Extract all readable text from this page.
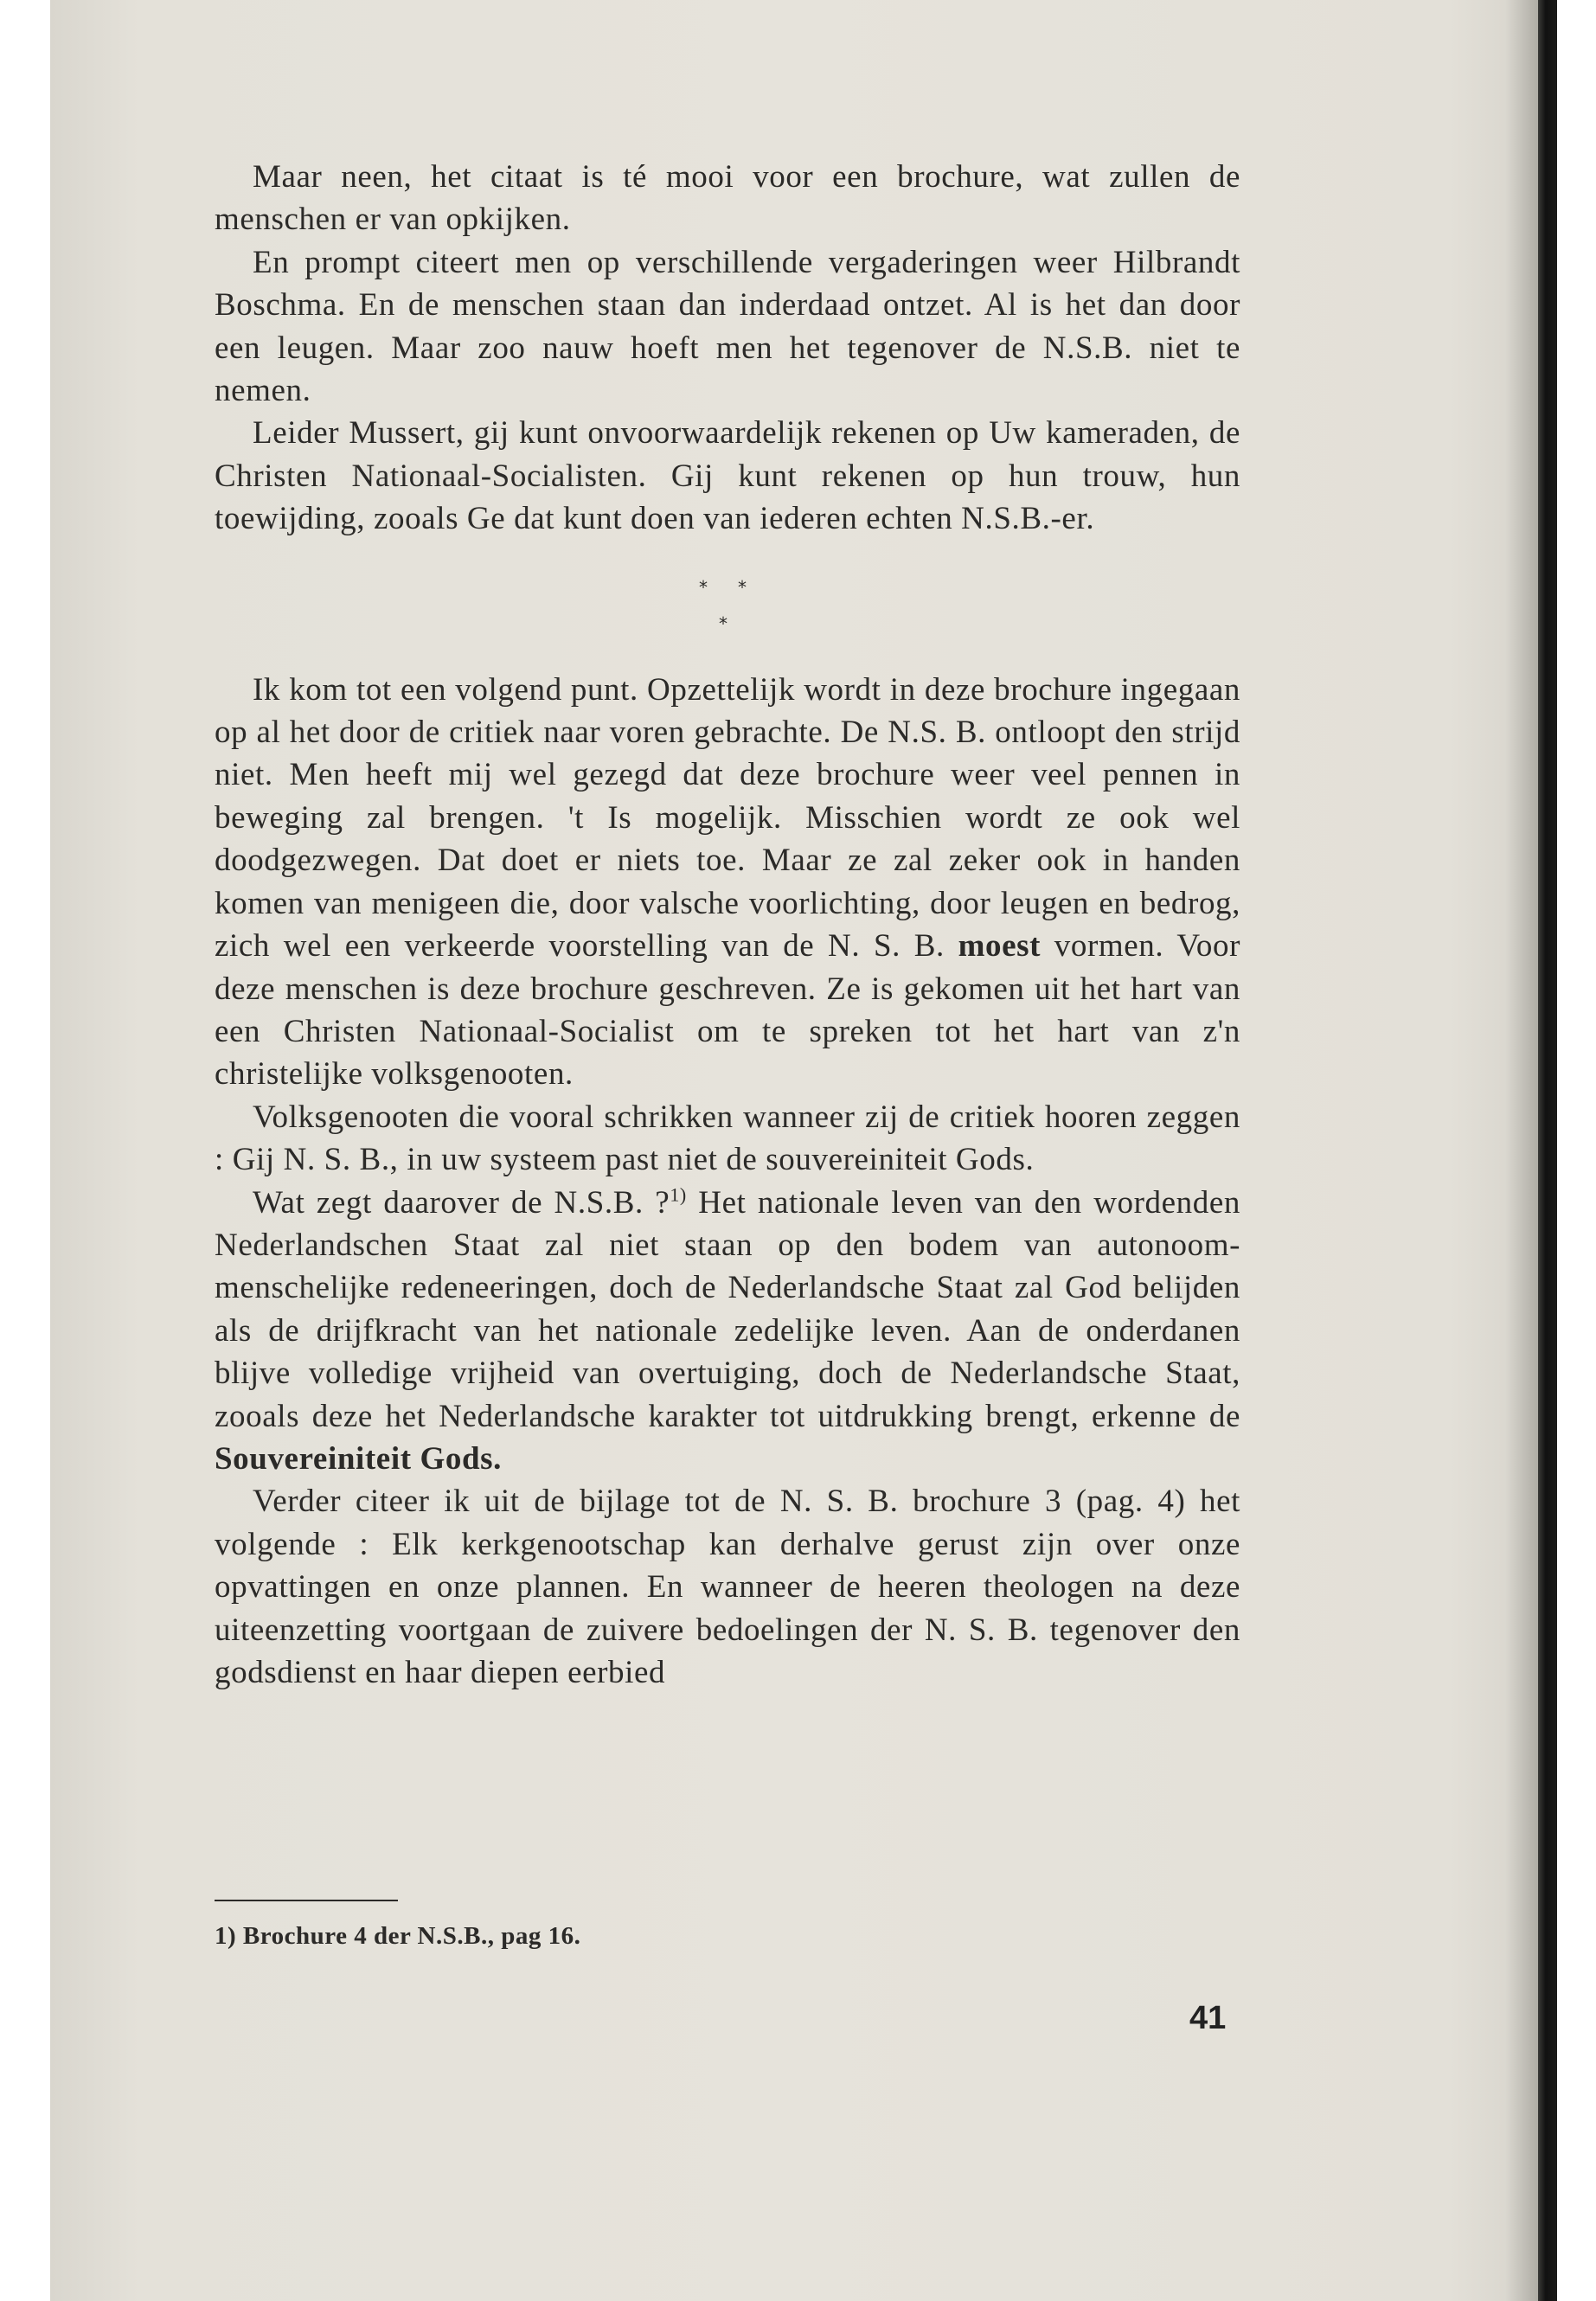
Maar neen, het citaat is té mooi voor een brochure, wat zullen de menschen er van opkijken.

En prompt citeert men op verschillende vergaderingen weer Hilbrandt Boschma. En de menschen staan dan inderdaad ontzet. Al is het dan door een leugen. Maar zoo nauw hoeft men het tegenover de N.S.B. niet te nemen.

Leider Mussert, gij kunt onvoorwaardelijk rekenen op Uw kameraden, de Christen Nationaal-Socialisten. Gij kunt rekenen op hun trouw, hun toewijding, zooals Ge dat kunt doen van iederen echten N.S.B.-er.

* *
*

Ik kom tot een volgend punt. Opzettelijk wordt in deze brochure ingegaan op al het door de critiek naar voren gebrachte. De N.S. B. ontloopt den strijd niet. Men heeft mij wel gezegd dat deze brochure weer veel pennen in beweging zal brengen. 't Is mogelijk. Misschien wordt ze ook wel doodgezwegen. Dat doet er niets toe. Maar ze zal zeker ook in handen komen van menigeen die, door valsche voorlichting, door leugen en bedrog, zich wel een verkeerde voorstelling van de N. S. B. moest vormen. Voor deze menschen is deze brochure geschreven. Ze is gekomen uit het hart van een Christen Nationaal-Socialist om te spreken tot het hart van z'n christelijke volksgenooten.

Volksgenooten die vooral schrikken wanneer zij de critiek hooren zeggen : Gij N. S. B., in uw systeem past niet de souvereiniteit Gods.

Wat zegt daarover de N.S.B. ?$^{1)}$ Het nationale leven van den wordenden Nederlandschen Staat zal niet staan op den bodem van autonoom-menschelijke redeneeringen, doch de Nederlandsche Staat zal God belijden als de drijfkracht van het nationale zedelijke leven. Aan de onderdanen blijve volledige vrijheid van overtuiging, doch de Nederlandsche Staat, zooals deze het Nederlandsche karakter tot uitdrukking brengt, erkenne de Souvereiniteit Gods.

Verder citeer ik uit de bijlage tot de N. S. B. brochure 3 (pag. 4) het volgende : Elk kerkgenootschap kan derhalve gerust zijn over onze opvattingen en onze plannen. En wanneer de heeren theologen na deze uiteenzetting voortgaan de zuivere bedoelingen der N. S. B. tegenover den godsdienst en haar diepen eerbied

1) Brochure 4 der N.S.B., pag 16.
41
